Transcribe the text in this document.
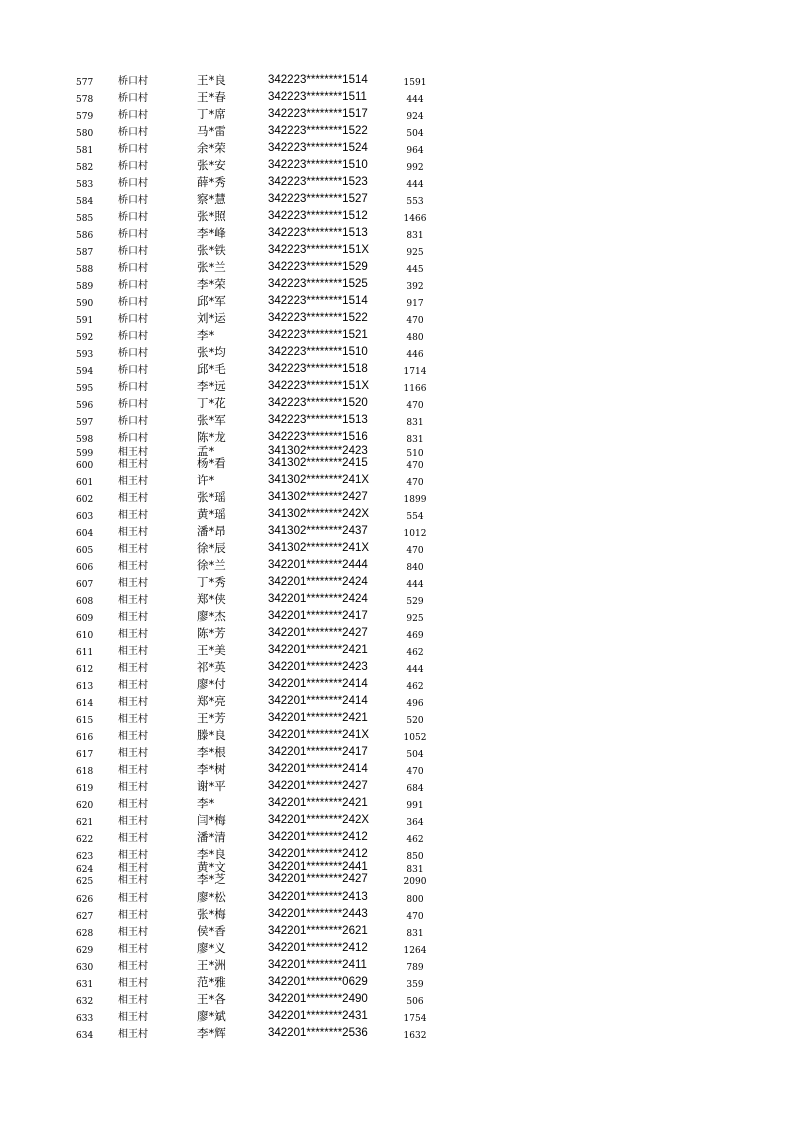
577 桥口村	王*良	342223********1514	1591
578 桥口村	王*春	342223********1511	444
579 桥口村	丁*席	342223********1517	924
580 桥口村	马*雷	342223********1522	504
581 桥口村	余*荣	342223********1524	964
582 桥口村	张*安	342223********1510	992
583 桥口村	薛*秀	342223********1523	444
584 桥口村	察*慧	342223********1527	553
585 桥口村	张*照	342223********1512	1466
586 桥口村	李*峰	342223********1513	831
587 桥口村	张*铁	342223********151X	925
588 桥口村	张*兰	342223********1529	445
589 桥口村	李*荣	342223********1525	392
590 桥口村	邱*军	342223********1514	917
591 桥口村	刘*运	342223********1522	470
592 桥口村	李*	342223********1521	480
593 桥口村	张*均	342223********1510	446
594 桥口村	邱*毛	342223********1518	1714
595 桥口村	李*远	342223********151X	1166
596 桥口村	丁*花	342223********1520	470
597 桥口村	张*军	342223********1513	831
598 桥口村	陈*龙	342223********1516	831
599 相王村	孟*	341302********2423	510
600 相王村	杨*看	341302********2415	470
601 相王村	许*	341302********241X	470
602 相王村	张*瑶	341302********2427	1899
603 相王村	黄*瑶	341302********242X	554
604 相王村	潘*昂	341302********2437	1012
605 相王村	徐*辰	341302********241X	470
606 相王村	徐*兰	342201********2444	840
607 相王村	丁*秀	342201********2424	444
608 相王村	郑*侠	342201********2424	529
609 相王村	廖*杰	342201********2417	925
610 相王村	陈*芳	342201********2427	469
611 相王村	王*美	342201********2421	462
612 相王村	祁*英	342201********2423	444
613 相王村	廖*付	342201********2414	462
614 相王村	郑*亮	342201********2414	496
615 相王村	王*芳	342201********2421	520
616 相王村	滕*良	342201********241X	1052
617 相王村	李*根	342201********2417	504
618 相王村	李*树	342201********2414	470
619 相王村	谢*平	342201********2427	684
620 相王村	李*	342201********2421	991
621 相王村	闫*梅	342201********242X	364
622 相王村	潘*清	342201********2412	462
623 相王村	李*良	342201********2412	850
624 相王村	黄*文	342201********2441	831
625 相王村	李*芝	342201********2427	2090
626 相王村	廖*松	342201********2413	800
627 相王村	张*梅	342201********2443	470
628 相王村	侯*香	342201********2621	831
629 相王村	廖*义	342201********2412	1264
630 相王村	王*洲	342201********2411	789
631 相王村	范*雅	342201********0629	359
632 相王村	王*各	342201********2490	506
633 相王村	廖*斌	342201********2431	1754
634 相王村	李*辉	342201********2536	1632
